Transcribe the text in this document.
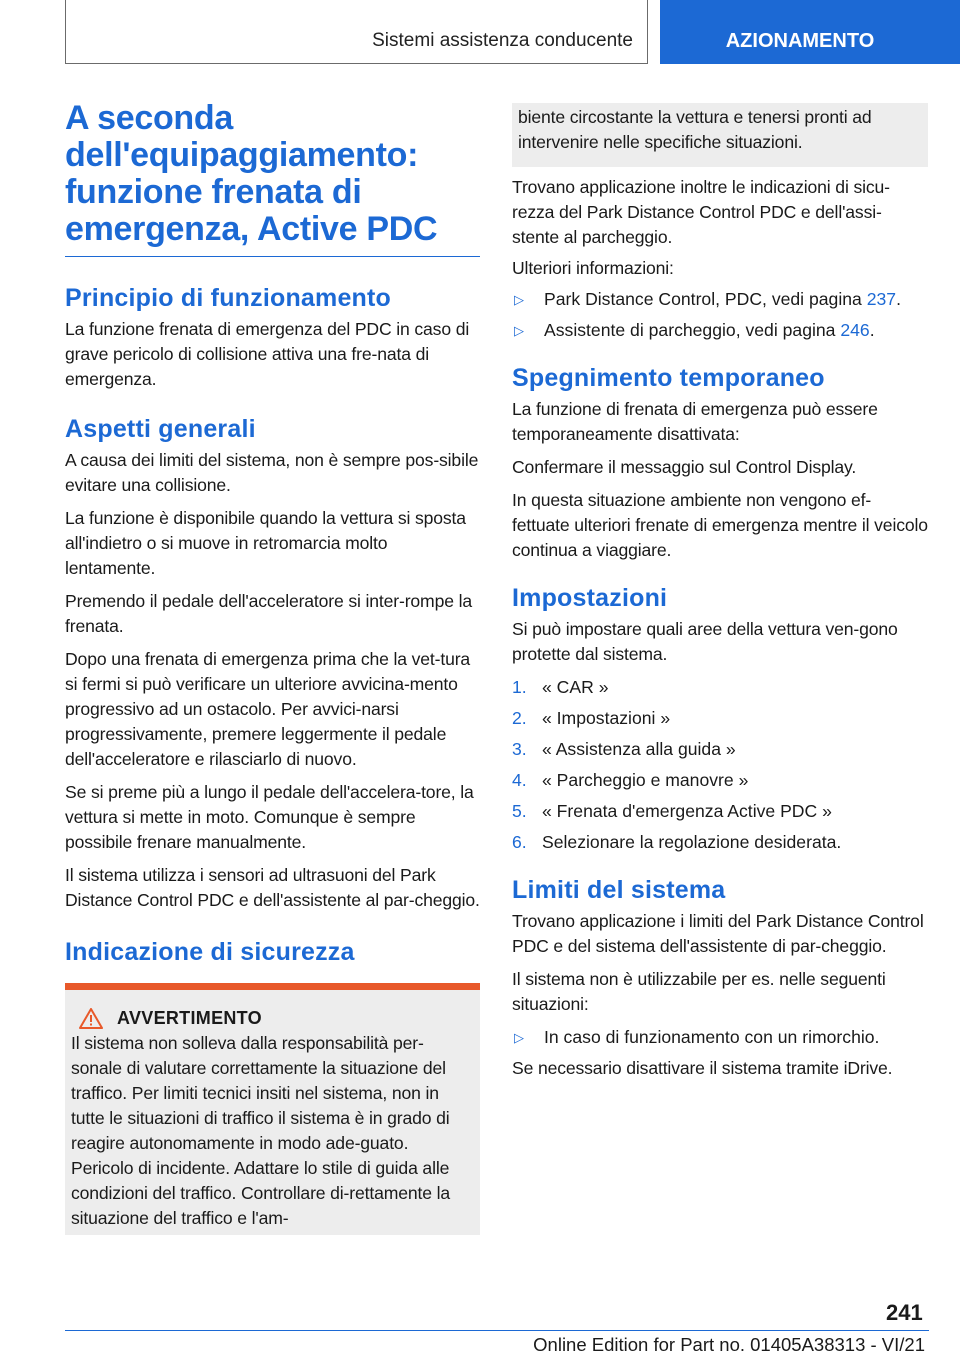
Sistemi assistenza conducente	AZIONAMENTO
A seconda dell'equipaggiamento: funzione frenata di emergenza, Active PDC
Principio di funzionamento

La funzione frenata di emergenza del PDC in caso di grave pericolo di collisione attiva una fre-nata di emergenza.

Aspetti generali

A causa dei limiti del sistema, non è sempre pos-sibile evitare una collisione.

La funzione è disponibile quando la vettura si sposta all'indietro o si muove in retromarcia molto lentamente.

Premendo il pedale dell'acceleratore si inter-rompe la frenata.

Dopo una frenata di emergenza prima che la vet-tura si fermi si può verificare un ulteriore avvicina-mento progressivo ad un ostacolo. Per avvici-narsi progressivamente, premere leggermente il pedale dell'acceleratore e rilasciarlo di nuovo.

Se si preme più a lungo il pedale dell'accelera-tore, la vettura si mette in moto. Comunque è sempre possibile frenare manualmente.

Il sistema utilizza i sensori ad ultrasuoni del Park Distance Control PDC e dell'assistente al par-cheggio.

Indicazione di sicurezza
AVVERTIMENTO

Il sistema non solleva dalla responsabilità per-sonale di valutare correttamente la situazione del traffico. Per limiti tecnici insiti nel sistema, non in tutte le situazioni di traffico il sistema è in grado di reagire autonomamente in modo ade-guato. Pericolo di incidente. Adattare lo stile di guida alle condizioni del traffico. Controllare di-rettamente la situazione del traffico e l'am-

biente circostante la vettura e tenersi pronti ad intervenire nelle specifiche situazioni.

Trovano applicazione inoltre le indicazioni di sicu-rezza del Park Distance Control PDC e dell'assi-stente al parcheggio.

Ulteriori informazioni:

▷	Park Distance Control, PDC, vedi pagina 237.
▷	Assistente di parcheggio, vedi pagina 246.
Spegnimento temporaneo

La funzione di frenata di emergenza può essere temporaneamente disattivata:

Confermare il messaggio sul Control Display.

In questa situazione ambiente non vengono ef-fettuate ulteriori frenate di emergenza mentre il veicolo continua a viaggiare.

Impostazioni

Si può impostare quali aree della vettura ven-gono protette dal sistema.

1. « CAR »
2. « Impostazioni »
3. « Assistenza alla guida »
4. « Parcheggio e manovre »
5. « Frenata d'emergenza Active PDC »
6. Selezionare la regolazione desiderata.
Limiti del sistema

Trovano applicazione i limiti del Park Distance Control PDC e del sistema dell'assistente di par-cheggio.

Il sistema non è utilizzabile per es. nelle seguenti situazioni:

▷	In caso di funzionamento con un rimorchio.

Se necessario disattivare il sistema tramite iDrive.

241
Online Edition for Part no. 01405A38313 - VI/21
